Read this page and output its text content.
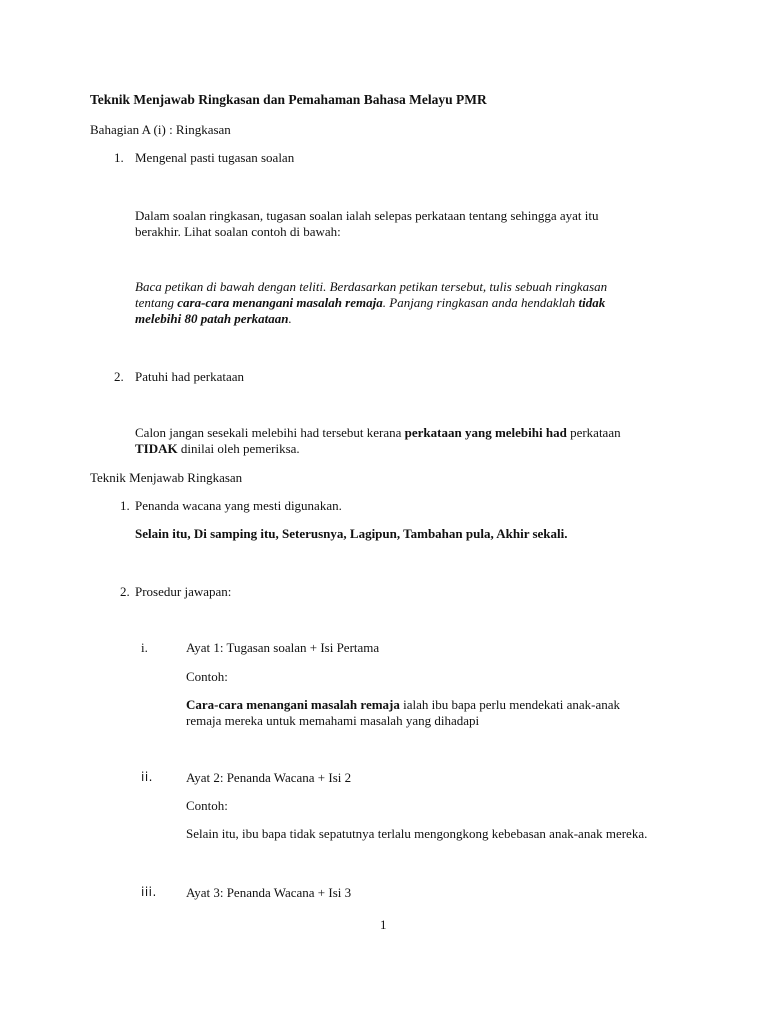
Teknik Menjawab Ringkasan dan Pemahaman Bahasa Melayu PMR
Bahagian A (i) : Ringkasan
1. Mengenal pasti tugasan soalan
Dalam soalan ringkasan, tugasan soalan ialah selepas perkataan tentang sehingga ayat itu
berakhir. Lihat soalan contoh di bawah:
Baca petikan di bawah dengan teliti. Berdasarkan petikan tersebut, tulis sebuah ringkasan
tentang cara-cara menangani masalah remaja. Panjang ringkasan anda hendaklah tidak
melebihi 80 patah perkataan.
2. Patuhi had perkataan
Calon jangan sesekali melebihi had tersebut kerana perkataan yang melebihi had perkataan
TIDAK dinilai oleh pemeriksa.
Teknik Menjawab Ringkasan
1. Penanda wacana yang mesti digunakan.
Selain itu, Di samping itu, Seterusnya, Lagipun, Tambahan pula, Akhir sekali.
2. Prosedur jawapan:
i.	Ayat 1: Tugasan soalan + Isi Pertama
Contoh:
Cara-cara menangani masalah remaja ialah ibu bapa perlu mendekati anak-anak
remaja mereka untuk memahami masalah yang dihadapi
ii.	Ayat 2: Penanda Wacana + Isi 2
Contoh:
Selain itu, ibu bapa tidak sepatutnya terlalu mengongkong kebebasan anak-anak mereka.
iii. Ayat 3: Penanda Wacana + Isi 3
1
